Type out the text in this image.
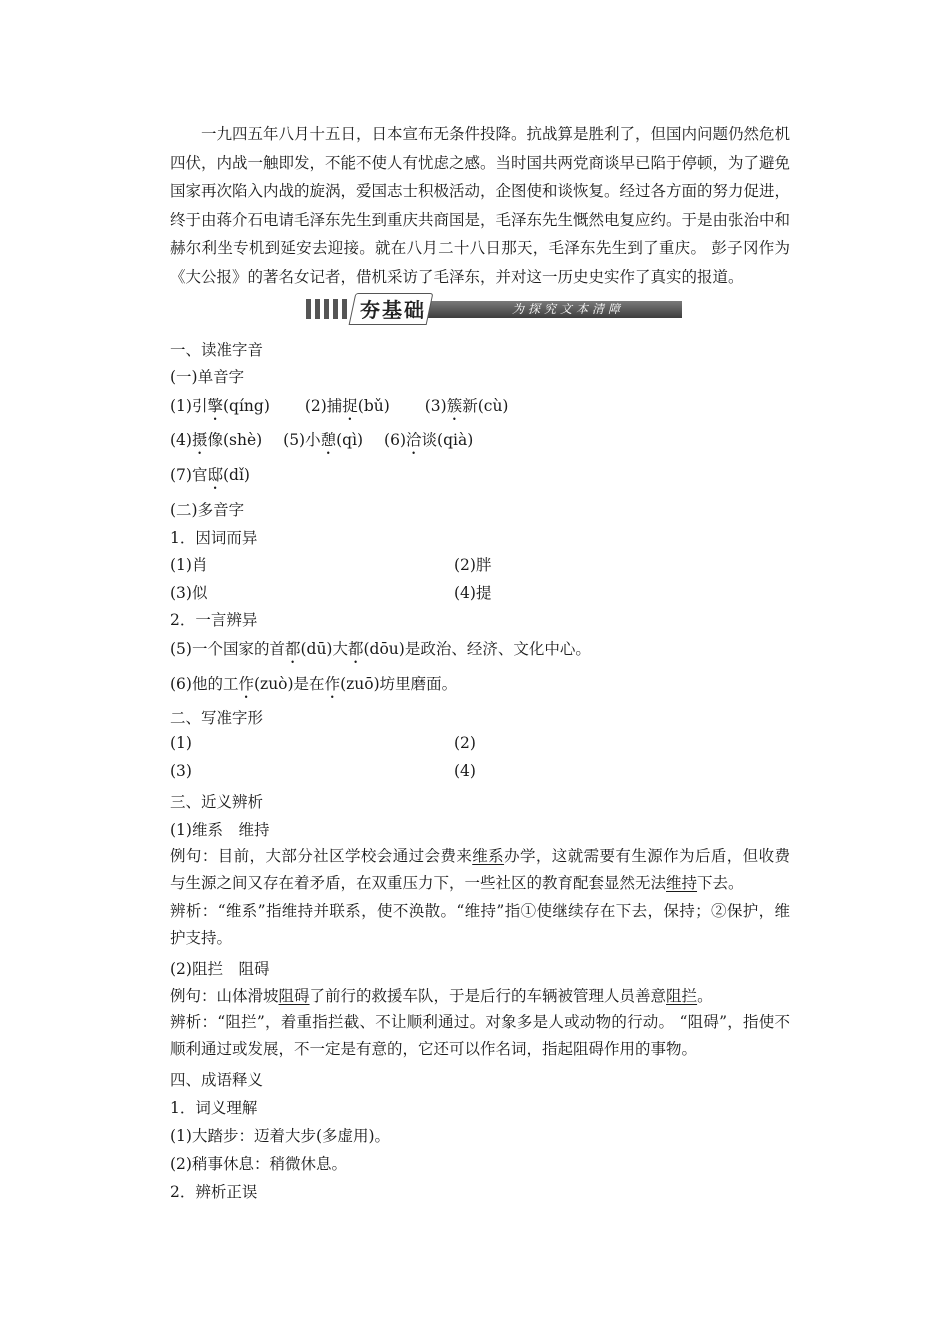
一九四五年八月十五日，日本宣布无条件投降。抗战算是胜利了，但国内问题仍然危机四伏，内战一触即发，不能不使人有忧虑之感。当时国共两党商谈早已陷于停顿，为了避免国家再次陷入内战的旋涡，爱国志士积极活动，企图使和谈恢复。经过各方面的努力促进，终于由蒋介石电请毛泽东先生到重庆共商国是，毛泽东先生慨然电复应约。于是由张治中和赫尔利坐专机到延安去迎接。就在八月二十八日那天，毛泽东先生到了重庆。 彭子冈作为《大公报》的著名女记者，借机采访了毛泽东，并对这一历史史实作了真实的报道。

夯基础	为探究文本清障
一、读准字音
(一)单音字
(1)引擎(qíng) (2)捕捉(bǔ) (3)簇新(cù)
(4)摄像(shè) (5)小憩(qì) (6)洽谈(qià)
(7)官邸(dǐ)
(二)多音字
1．因词而异
(1)肖	(2)胖
(3)似	(4)提
2．一言辨异
(5)一个国家的首都(dū)大都(dōu)是政治、经济、文化中心。
(6)他的工作(zuò)是在作(zuō)坊里磨面。
二、写准字形
(1)	(2)
(3)	(4)
三、近义辨析
(1)维系　维持

例句：目前，大部分社区学校会通过会费来维系办学，这就需要有生源作为后盾，但收费与生源之间又存在着矛盾，在双重压力下，一些社区的教育配套显然无法维持下去。

辨析：“维系”指维持并联系，使不涣散。“维持”指①使继续存在下去，保持；②保护，维护支持。

(2)阻拦　阻碍
例句：山体滑坡阻碍了前行的救援车队，于是后行的车辆被管理人员善意阻拦。

辨析：“阻拦”，着重指拦截、不让顺利通过。对象多是人或动物的行动。 “阻碍”，指使不顺利通过或发展，不一定是有意的，它还可以作名词，指起阻碍作用的事物。

四、成语释义
1．词义理解
(1)大踏步：迈着大步(多虚用)。
(2)稍事休息：稍微休息。
2．辨析正误
